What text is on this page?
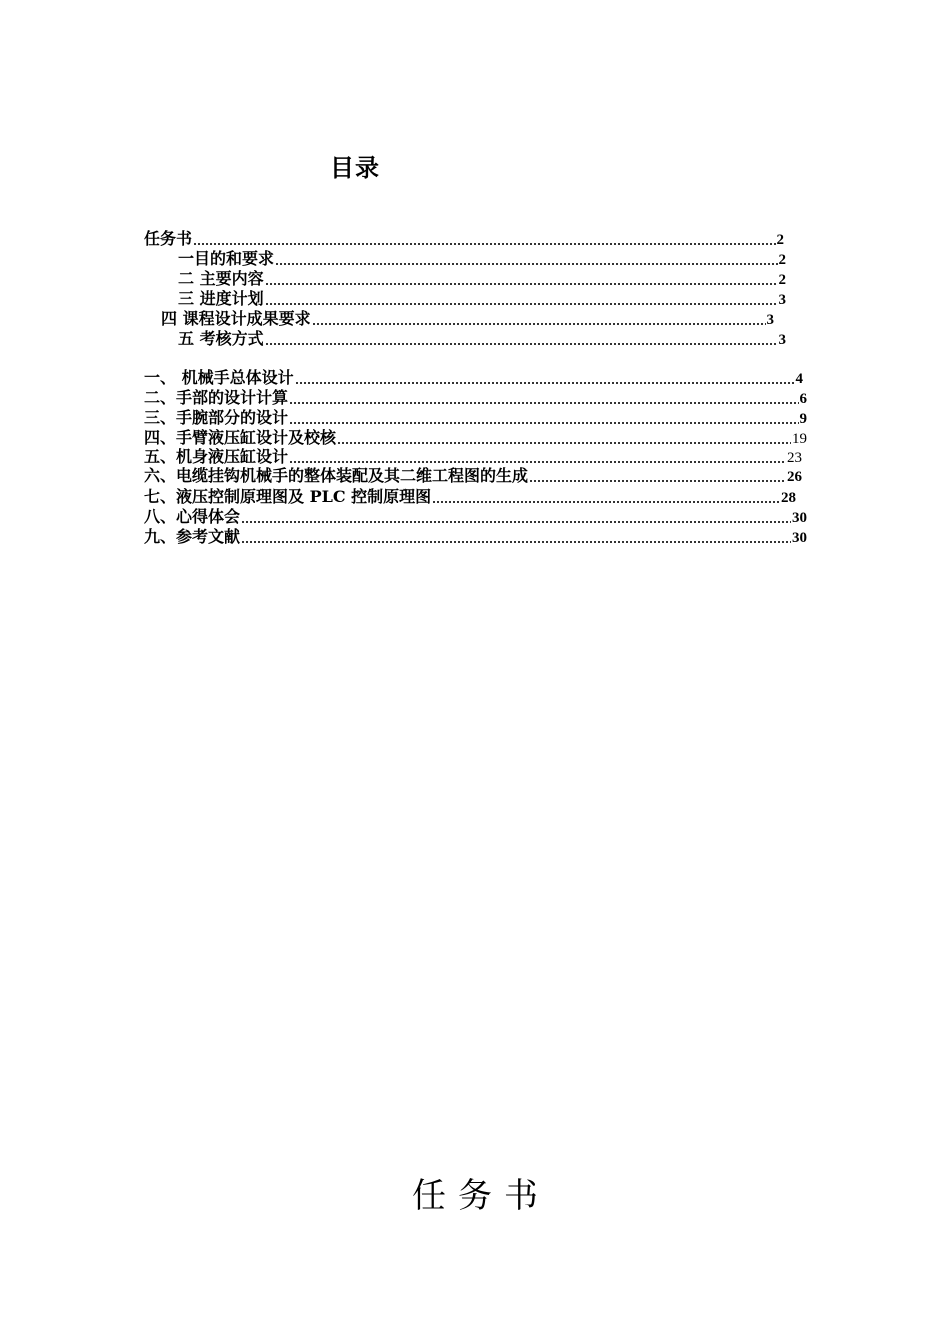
目录
任务书	2
一目的和要求	2
二 主要内容	2
三 进度计划	3
四 课程设计成果要求	3
五 考核方式	3
一、 机械手总体设计	4
二、手部的设计计算	6
三、手腕部分的设计	9
四、手臂液压缸设计及校核	19
五、机身液压缸设计	23
六、电缆挂钩机械手的整体装配及其二维工程图的生成	26
七、液压控制原理图及 PLC 控制原理图	28
八、心得体会	30
九、参考文献	30
任务书
